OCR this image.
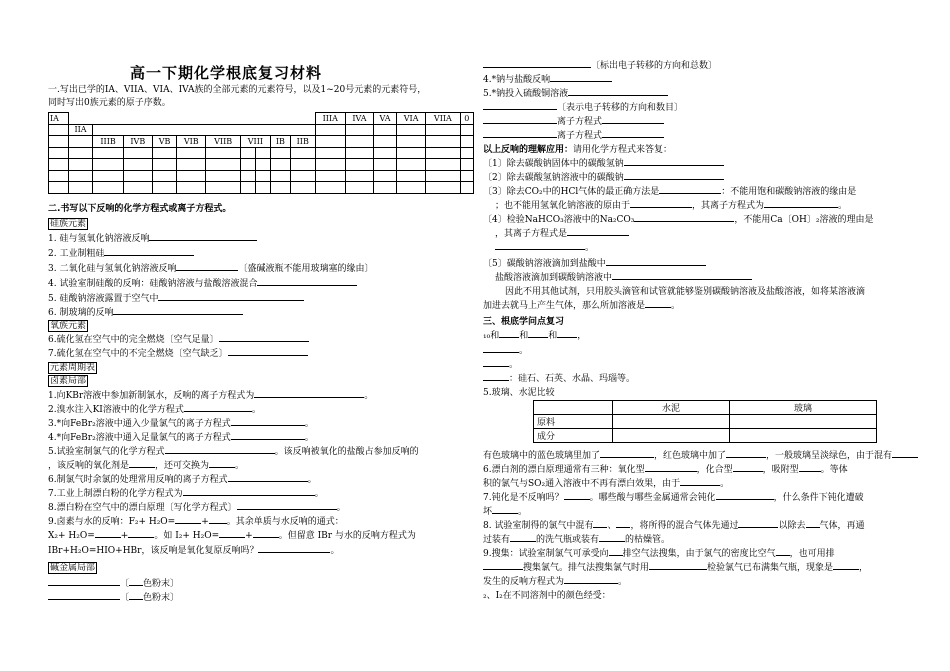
高一下期化学根底复习材料
一.写出已学的IA、VIIA、VIA、IVA族的全部元素的元素符号，以及1~20号元素的元素符号，
同时写出0族元素的原子序数。
IA											IIIA	IVA	VA	VIA	VIIA	0
	IIA															
		IIIB	IVB	VB	VIB	VIIB	VIII		IB	IIB						

二.书写以下反响的化学方程式或离子方程式。
硅族元素
1. 硅与氢氧化钠溶液反响
2. 工业制粗硅
3. 二氧化硅与氢氧化钠溶液反响	〔盛碱液瓶不能用玻璃塞的缘由〕
4. 试验室制硅酸的反响：硅酸钠溶液与盐酸溶液混合
5. 硅酸钠溶液露置于空气中
6. 制玻璃的反响
氧族元素
6.硫化氢在空气中的完全燃烧〔空气足量〕
7.硫化氢在空气中的不完全燃烧〔空气缺乏〕
元素周期表
卤素局部
1.向KBr溶液中参加新制氯水，反响的离子方程式为	。
2.溴水注入KI溶液中的化学方程式	。
3.*向FeBr₂溶液中通入少量氯气的离子方程式	。
4.*向FeBr₂溶液中通入足量氯气的离子方程式	。
5.试验室制氯气的化学方程式	。该反响被氧化的盐酸占参加反响的
，该反响的氧化剂是	，还可交换为	。
6.制氯气时余氯的处理常用反响的离子方程式	。
7.工业上制漂白粉的化学方程式为	。
8.漂白粉在空气中的漂白原理〔写化学方程式〕	。
9.卤素与水的反响：F₂+ H₂O=	+ 。其余单质与水反响的通式：
X₂+ H₂O=	+	。如 I₂+ H₂O=	+	。但留意 IBr 与水的反响方程式为
IBr+H₂O=HIO+HBr，该反响是氧化复原反响吗？	。
碱金属局部
〔 色粉末〕
〔 色粉末〕
〔标出电子转移的方向和总数〕
4.*钠与盐酸反响
5.*钠投入硫酸铜溶液
〔表示电子转移的方向和数目〕
离子方程式
离子方程式
以上反响的理解应用：请用化学方程式来答复：
〔1〕除去碳酸钠固体中的碳酸氢钠
〔2〕除去碳酸氢钠溶液中的碳酸钠
〔3〕除去CO₂中的HCl气体的最正确方法是	：不能用饱和碳酸钠溶液的缘由是
；也不能用氢氧化钠溶液的原由于	，其离子方程式为	。
〔4〕检验NaHCO₃溶液中的Na₂CO₃	，不能用Ca〔OH〕₂溶液的理由是
，其离子方程式是
。
〔5〕碳酸钠溶液滴加到盐酸中
盐酸溶液滴加到碳酸钠溶液中
因此不用其他试剂，只用胶头滴管和试管就能够鉴别碳酸钠溶液及盐酸溶液，如将某溶液滴
加进去就马上产生气体，那么所加溶液是	。
三、根底学问点复习
₁₀和 和 和 ，
。
。
：硅石、石英、水晶、玛瑙等。
5.玻璃、水泥比较
	水泥	玻璃
原料		
成分		
有色玻璃中的蓝色玻璃里加了	，红色玻璃中加了	，一般玻璃呈淡绿色，由于混有
6.漂白剂的漂白原理通常有三种：氧化型	，化合型	，吸附型 。等体
积的氯气与SO₂通入溶液中不再有漂白效果，由于	。
7.钝化是不反响吗？	。哪些酸与哪些金属通常会钝化	，什么条件下钝化遭破
坏	。
8. 试验室制得的氯气中混有 、 ，将所得的混合气体先通过	以除去 气体，再通
过装有	的洗气瓶或装有	的枯燥管。
9.搜集：试验室制氯气可承受向 排空气法搜集，由于氯气的密度比空气 ，也可用排
搜集氯气。排气法搜集氯气时用	检验氯气已布满集气瓶，现象是	，
发生的反响方程式为	。
₂、I₂在不同溶剂中的颜色经受：
